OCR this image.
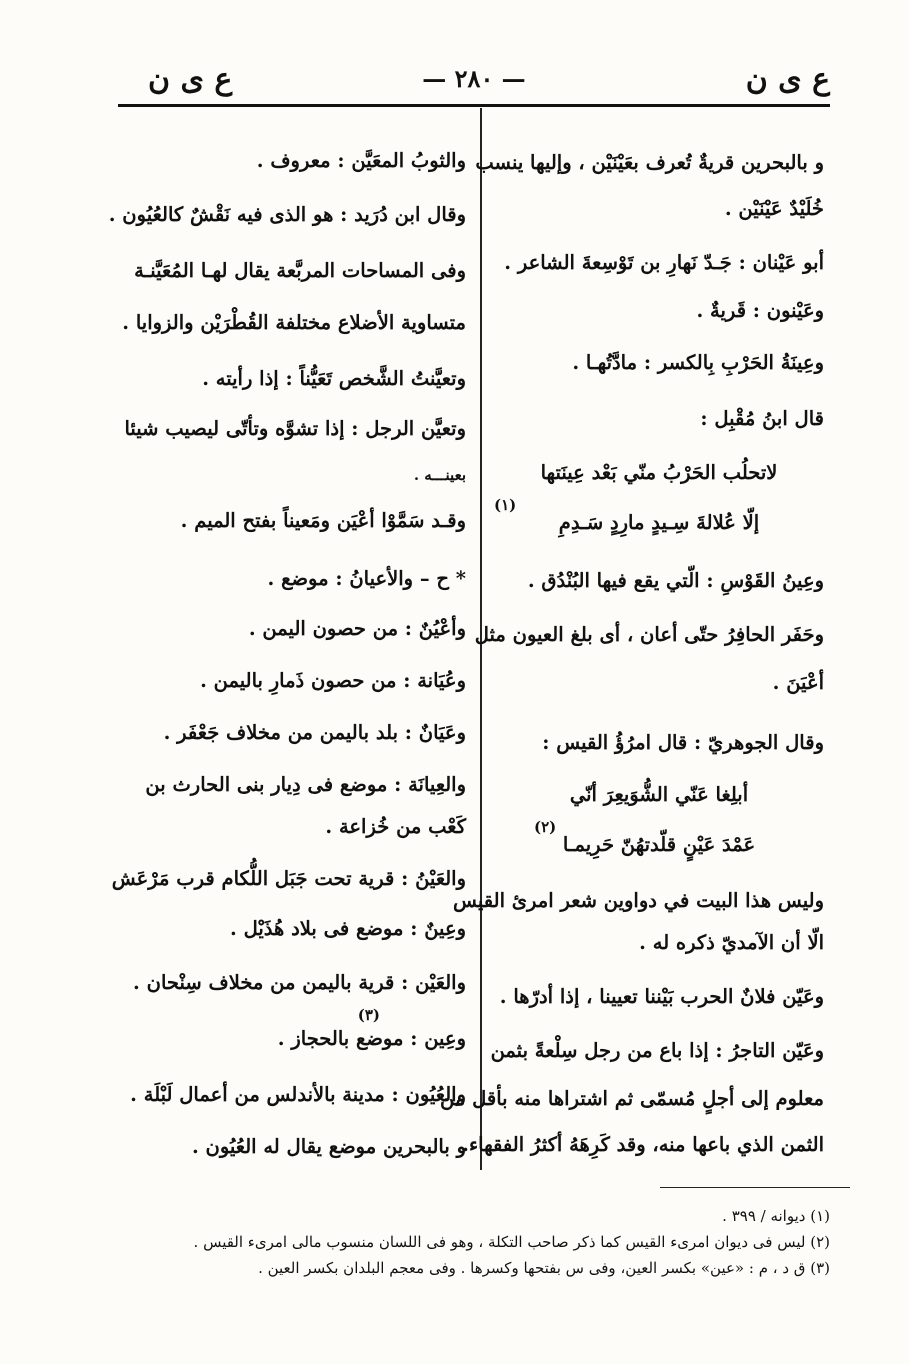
ع ى ن
— ٢٨٠ —
ع ى ن
و بالبحرين قريةٌ تُعرف بعَيْنَيْن ، وإليها ينسب
خُلَيْدٌ عَيْنَيْن .
أبو عَيْنان : جَـدّ نَهارِ بن تَوْسِعةَ الشاعر .
وعَيْنون : قَريةٌ .
وعِينَةُ الحَرْبِ بِالكسر : مادَّتُهـا .
قال ابنُ مُقْبِل :
لاتحلُب الحَرْبُ منّي بَعْد عِينَتها
إلّا عُلالةَ سِـيدٍ مارِدٍ سَـدِمِ
(١)
وعِينُ القَوْسِ : الّتي يقع فيها البُنْدُق .
وحَفَر الحافِرُ حتّى أعان ، أى بلغ العيون مثل
أعْيَنَ .
وقال الجوهريّ : قال امرُؤُ القيس :
أبلِغا عَنّي الشُّوَيعِرَ أنّي
عَمْدَ عَيْنٍ قلّدتهُنّ حَرِيمـا
(٢)
وليس هذا البيت في دواوين شعر امرئ القيس
الّا أن الآمديّ ذكره له .
وعَيّن فلانٌ الحرب بَيْننا تعيينا ، إذا أدرّها .
وعَيّن التاجرُ : إذا باع من رجل سِلْعةً بثمن
معلوم إلى أجلٍ مُسمّى ثم اشتراها منه بأقل من
الثمن الذي باعها منه، وقد كَرِهَهُ أكثرُ الفقهاء.
والثوبُ المعَيَّن : معروف .
وقال ابن دُرَيد : هو الذى فيه نَقْشٌ كالعُيُون .
وفى المساحات المربَّعة يقال لهـا المُعَيَّنـة
متساوية الأضلاع مختلفة القُطْرَيْن والزوايا .
وتعيَّنتُ الشَّخص تَعَيُّناً : إذا رأيته .
وتعيَّن الرجل : إذا تشوَّه وتأتّى ليصيب شيئا
بعينـــه .
وقـد سَمَّوْا أعْيَن ومَعيناً بفتح الميم .
* ح – والأعيانُ : موضع .
وأعْيُنٌ : من حصون اليمن .
وعُيَانة : من حصون ذَمارِ باليمن .
وعَيَانٌ : بلد باليمن من مخلاف جَعْفَر .
والعِيانَة : موضع فى دِيار بنى الحارث بن
كَعْب من خُزاعة .
والعَيْنُ : قرية تحت جَبَل اللُّكام قرب مَرْعَش
وعِينٌ : موضع فى بلاد هُذَيْل .
والعَيْن : قرية باليمن من مخلاف سِنْحان .
(٣)
وعِين : موضع بالحجاز .
والعُيُون : مدينة بالأندلس من أعمال لَبْلَة .
و بالبحرين موضع يقال له العُيُون .
(١) ديوانه / ٣٩٩ .
(٢) ليس فى ديوان امرىء القيس كما ذكر صاحب التكلة ، وهو فى اللسان منسوب مالى امرىء القيس .
(٣) ق د ، م : «عين» بكسر العين، وفى س بفتحها وكسرها . وفى معجم البلدان بكسر العين .
